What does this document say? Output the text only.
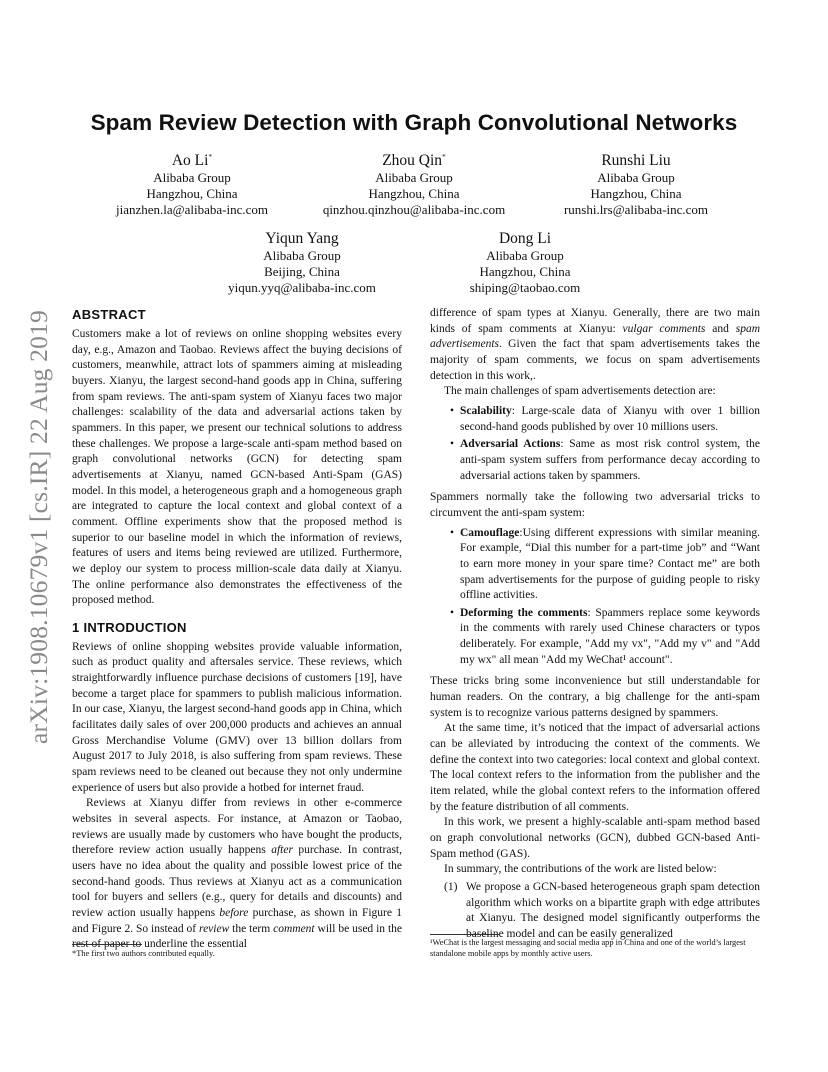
arXiv:1908.10679v1 [cs.IR] 22 Aug 2019
Spam Review Detection with Graph Convolutional Networks
Ao Li*
Alibaba Group
Hangzhou, China
jianzhen.la@alibaba-inc.com
Zhou Qin*
Alibaba Group
Hangzhou, China
qinzhou.qinzhou@alibaba-inc.com
Runshi Liu
Alibaba Group
Hangzhou, China
runshi.lrs@alibaba-inc.com
Yiqun Yang
Alibaba Group
Beijing, China
yiqun.yyq@alibaba-inc.com
Dong Li
Alibaba Group
Hangzhou, China
shiping@taobao.com
ABSTRACT

Customers make a lot of reviews on online shopping websites every day, e.g., Amazon and Taobao. Reviews affect the buying decisions of customers, meanwhile, attract lots of spammers aiming at misleading buyers. Xianyu, the largest second-hand goods app in China, suffering from spam reviews. The anti-spam system of Xianyu faces two major challenges: scalability of the data and adversarial actions taken by spammers. In this paper, we present our technical solutions to address these challenges. We propose a large-scale anti-spam method based on graph convolutional networks (GCN) for detecting spam advertisements at Xianyu, named GCN-based Anti-Spam (GAS) model. In this model, a heterogeneous graph and a homogeneous graph are integrated to capture the local context and global context of a comment. Offline experiments show that the proposed method is superior to our baseline model in which the information of reviews, features of users and items being reviewed are utilized. Furthermore, we deploy our system to process million-scale data daily at Xianyu. The online performance also demonstrates the effectiveness of the proposed method.

1 INTRODUCTION

Reviews of online shopping websites provide valuable information, such as product quality and aftersales service. These reviews, which straightforwardly influence purchase decisions of customers [19], have become a target place for spammers to publish malicious information. In our case, Xianyu, the largest second-hand goods app in China, which facilitates daily sales of over 200,000 products and achieves an annual Gross Merchandise Volume (GMV) over 13 billion dollars from August 2017 to July 2018, is also suffering from spam reviews. These spam reviews need to be cleaned out because they not only undermine experience of users but also provide a hotbed for internet fraud.

Reviews at Xianyu differ from reviews in other e-commerce websites in several aspects. For instance, at Amazon or Taobao, reviews are usually made by customers who have bought the products, therefore review action usually happens after purchase. In contrast, users have no idea about the quality and possible lowest price of the second-hand goods. Thus reviews at Xianyu act as a communication tool for buyers and sellers (e.g., query for details and discounts) and review action usually happens before purchase, as shown in Figure 1 and Figure 2. So instead of review the term comment will be used in the rest of paper to underline the essential

difference of spam types at Xianyu. Generally, there are two main kinds of spam comments at Xianyu: vulgar comments and spam advertisements. Given the fact that spam advertisements takes the majority of spam comments, we focus on spam advertisements detection in this work,.

The main challenges of spam advertisements detection are:

• Scalability: Large-scale data of Xianyu with over 1 billion second-hand goods published by over 10 millions users.
• Adversarial Actions: Same as most risk control system, the anti-spam system suffers from performance decay according to adversarial actions taken by spammers.

Spammers normally take the following two adversarial tricks to circumvent the anti-spam system:

• Camouflage:Using different expressions with similar meaning. For example, “Dial this number for a part-time job” and “Want to earn more money in your spare time? Contact me” are both spam advertisements for the purpose of guiding people to risky offline activities.
• Deforming the comments: Spammers replace some keywords in the comments with rarely used Chinese characters or typos deliberately. For example, "Add my vx", "Add my v" and "Add my wx" all mean "Add my WeChat¹ account".

These tricks bring some inconvenience but still understandable for human readers. On the contrary, a big challenge for the anti-spam system is to recognize various patterns designed by spammers.

At the same time, it’s noticed that the impact of adversarial actions can be alleviated by introducing the context of the comments. We define the context into two categories: local context and global context. The local context refers to the information from the publisher and the item related, while the global context refers to the information offered by the feature distribution of all comments.

In this work, we present a highly-scalable anti-spam method based on graph convolutional networks (GCN), dubbed GCN-based Anti-Spam method (GAS).

In summary, the contributions of the work are listed below:

(1) We propose a GCN-based heterogeneous graph spam detection algorithm which works on a bipartite graph with edge attributes at Xianyu. The designed model significantly outperforms the baseline model and can be easily generalized
*The first two authors contributed equally.
¹WeChat is the largest messaging and social media app in China and one of the world’s largest standalone mobile apps by monthly active users.
